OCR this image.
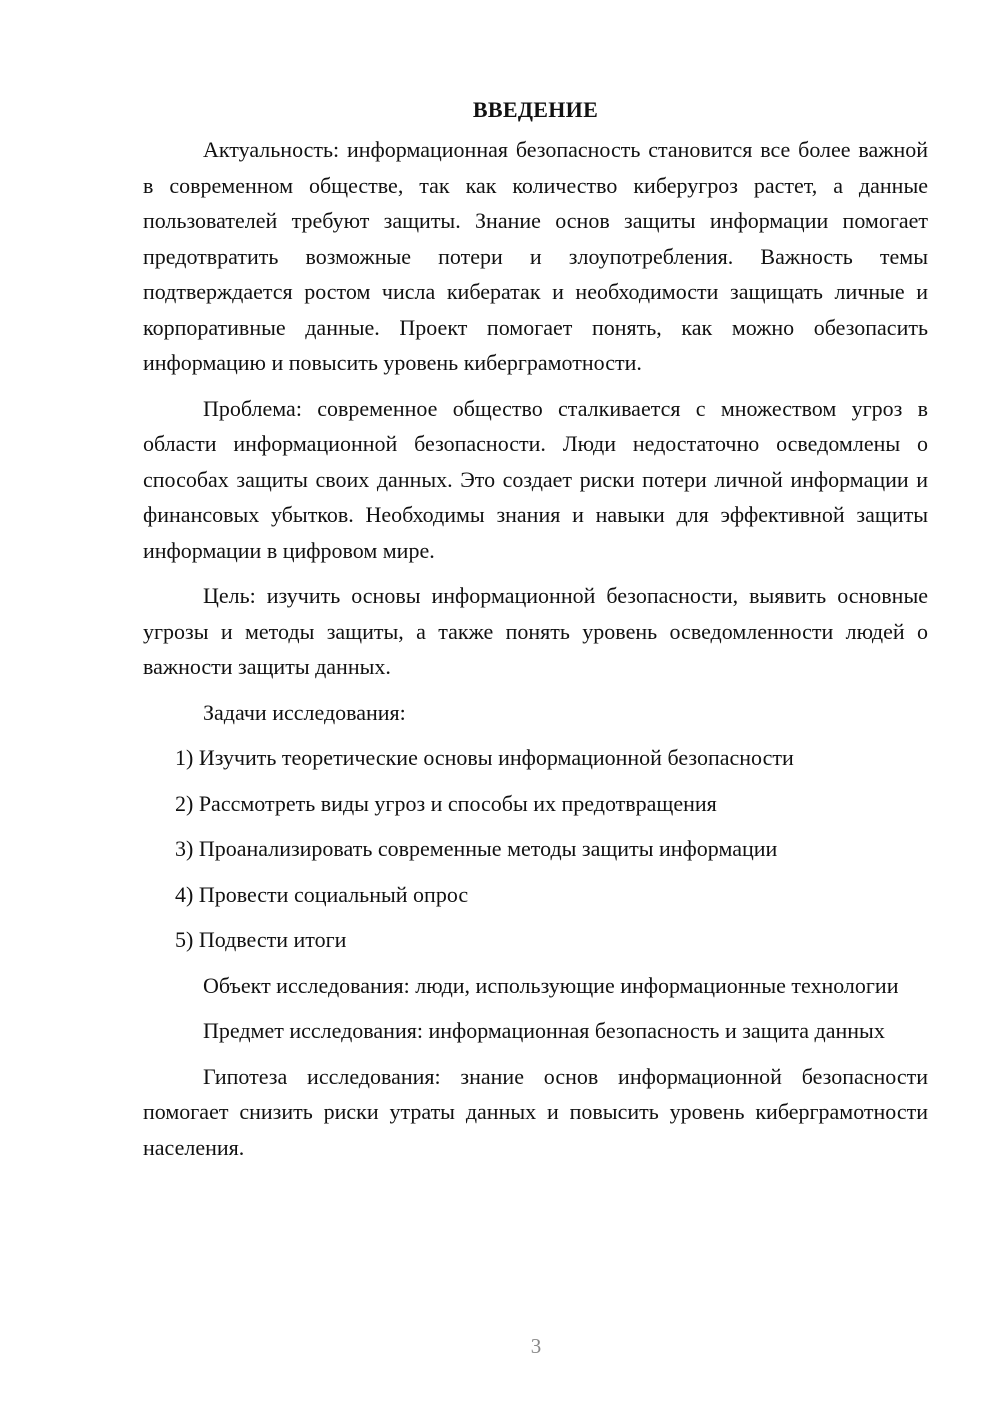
ВВЕДЕНИЕ

Актуальность: информационная безопасность становится все более важной в современном обществе, так как количество киберугроз растет, а данные пользователей требуют защиты. Знание основ защиты информации помогает предотвратить возможные потери и злоупотребления. Важность темы подтверждается ростом числа кибератак и необходимости защищать личные и корпоративные данные. Проект помогает понять, как можно обезопасить информацию и повысить уровень киберграмотности.

Проблема: современное общество сталкивается с множеством угроз в области информационной безопасности. Люди недостаточно осведомлены о способах защиты своих данных. Это создает риски потери личной информации и финансовых убытков. Необходимы знания и навыки для эффективной защиты информации в цифровом мире.

Цель: изучить основы информационной безопасности, выявить основные угрозы и методы защиты, а также понять уровень осведомленности людей о важности защиты данных.

Задачи исследования:

1) Изучить теоретические основы информационной безопасности
2) Рассмотреть виды угроз и способы их предотвращения
3) Проанализировать современные методы защиты информации
4) Провести социальный опрос
5) Подвести итоги

Объект исследования: люди, использующие информационные технологии

Предмет исследования: информационная безопасность и защита данных

Гипотеза исследования: знание основ информационной безопасности помогает снизить риски утраты данных и повысить уровень киберграмотности населения.

3
